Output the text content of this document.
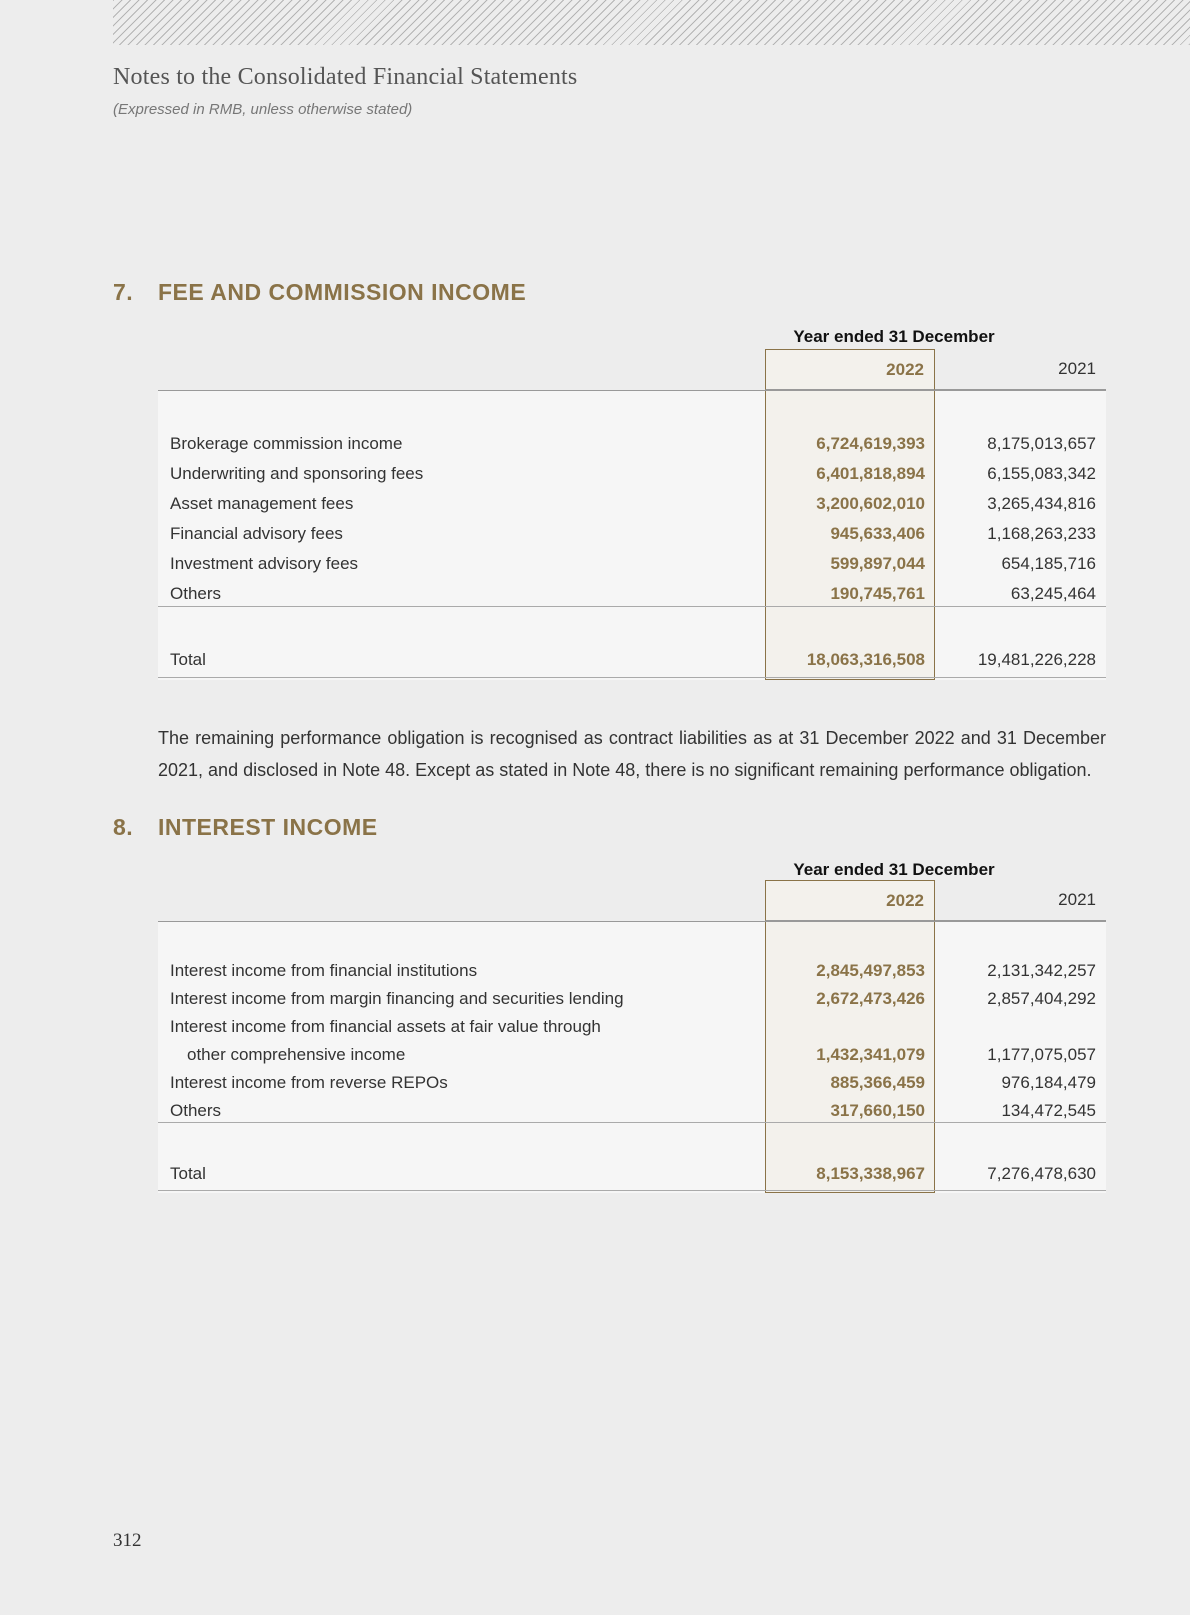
Notes to the Consolidated Financial Statements
(Expressed in RMB, unless otherwise stated)
7. FEE AND COMMISSION INCOME
Year ended 31 December
2022	2021
Brokerage commission income	6,724,619,393	8,175,013,657
Underwriting and sponsoring fees	6,401,818,894	6,155,083,342
Asset management fees	3,200,602,010	3,265,434,816
Financial advisory fees	945,633,406	1,168,263,233
Investment advisory fees	599,897,044	654,185,716
Others	190,745,761	63,245,464
Total	18,063,316,508	19,481,226,228
The remaining performance obligation is recognised as contract liabilities as at 31 December 2022 and 31 December 2021, and disclosed in Note 48. Except as stated in Note 48, there is no significant remaining performance obligation.
8. INTEREST INCOME
Year ended 31 December
2022	2021
Interest income from financial institutions	2,845,497,853	2,131,342,257
Interest income from margin financing and securities lending	2,672,473,426	2,857,404,292
Interest income from financial assets at fair value through
other comprehensive income	1,432,341,079	1,177,075,057
Interest income from reverse REPOs	885,366,459	976,184,479
Others	317,660,150	134,472,545
Total	8,153,338,967	7,276,478,630
312
